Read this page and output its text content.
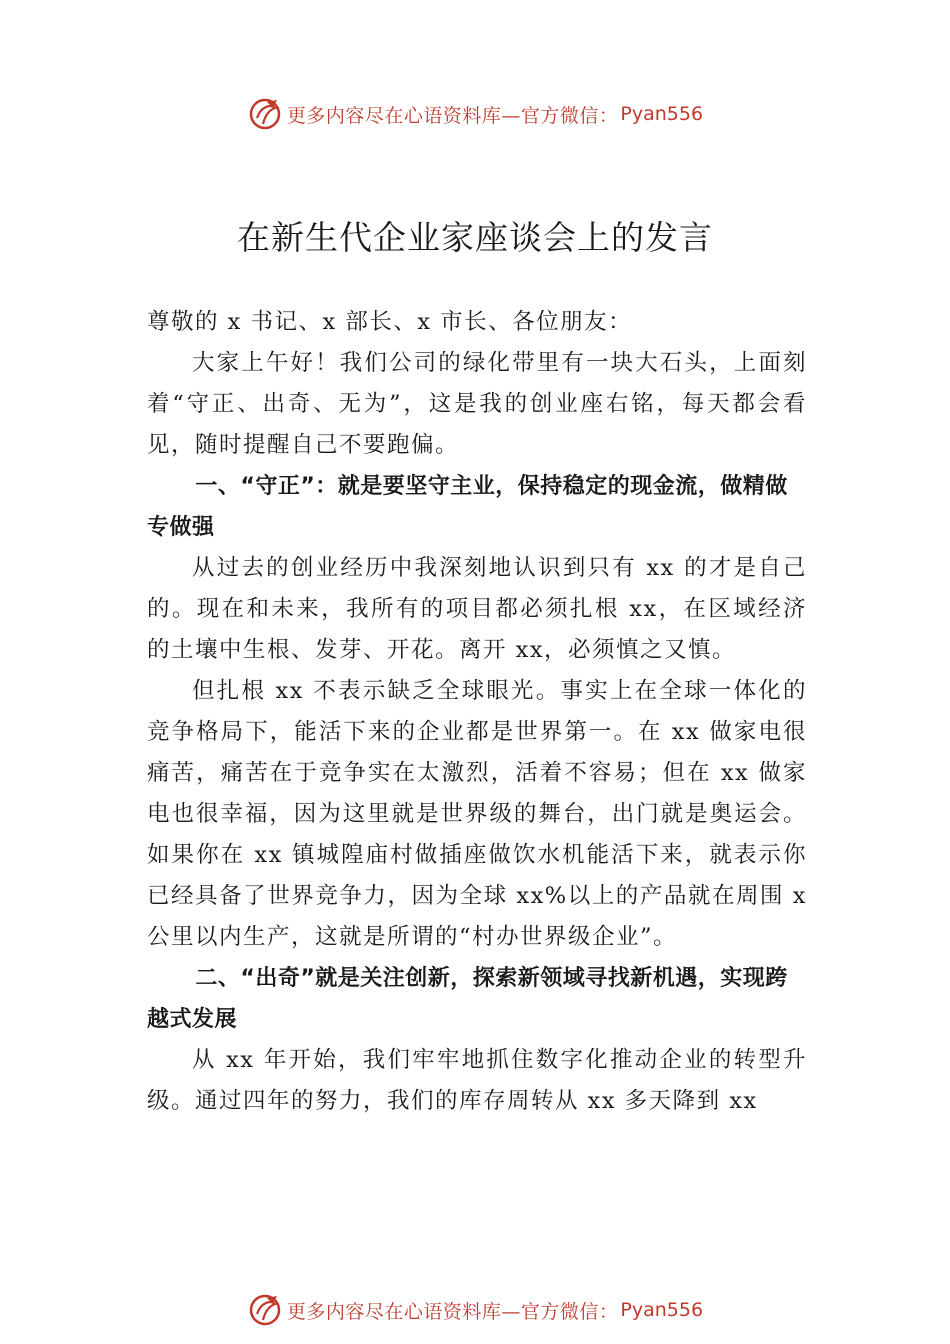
更多内容尽在心语资料库—官方微信： Pyan556
在新生代企业家座谈会上的发言

尊敬的 x 书记、x 部长、x 市长、各位朋友：

大家上午好！我们公司的绿化带里有一块大石头，上面刻着“守正、出奇、无为”，这是我的创业座右铭，每天都会看见，随时提醒自己不要跑偏。

一、“守正”：就是要坚守主业，保持稳定的现金流，做精做专做强

从过去的创业经历中我深刻地认识到只有 xx 的才是自己的。现在和未来，我所有的项目都必须扎根 xx，在区域经济的土壤中生根、发芽、开花。离开 xx，必须慎之又慎。

但扎根 xx 不表示缺乏全球眼光。事实上在全球一体化的竞争格局下，能活下来的企业都是世界第一。在 xx 做家电很痛苦，痛苦在于竞争实在太激烈，活着不容易；但在 xx 做家电也很幸福，因为这里就是世界级的舞台，出门就是奥运会。如果你在 xx 镇城隍庙村做插座做饮水机能活下来，就表示你已经具备了世界竞争力，因为全球 xx%以上的产品就在周围 x 公里以内生产，这就是所谓的“村办世界级企业”。

二、“出奇”就是关注创新，探索新领域寻找新机遇，实现跨越式发展

从 xx 年开始，我们牢牢地抓住数字化推动企业的转型升级。通过四年的努力，我们的库存周转从 xx 多天降到 xx

更多内容尽在心语资料库—官方微信： Pyan556
